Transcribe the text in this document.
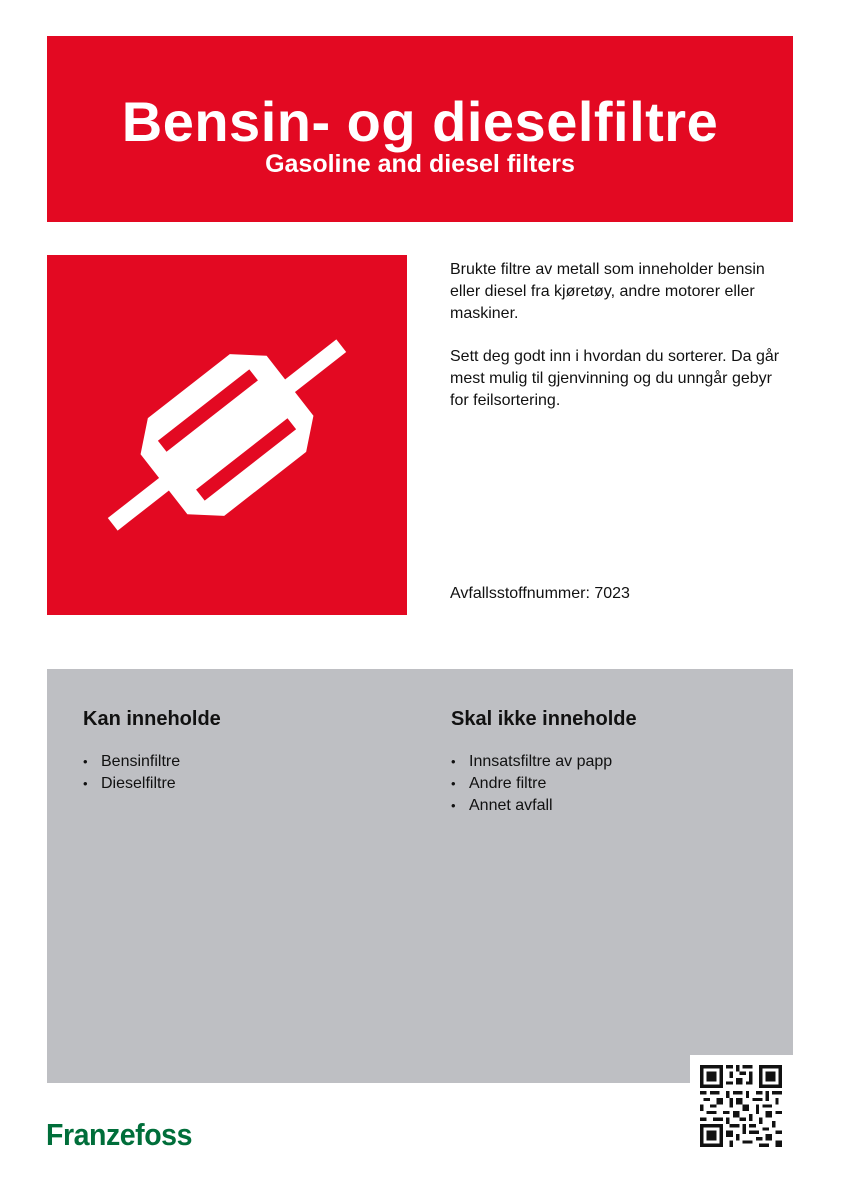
Bensin- og dieselfiltre
Gasoline and diesel filters

Brukte filtre av metall som inneholder bensin eller diesel fra kjøretøy, andre motorer eller maskiner.

Sett deg godt inn i hvordan du sorterer. Da går mest mulig til gjenvinning og du unngår gebyr for feilsortering.

Avfallsstoffnummer: 7023
Kan inneholde
• Bensinfiltre
• Dieselfiltre
Skal ikke inneholde
• Innsatsfiltre av papp
• Andre filtre
• Annet avfall
Franzefoss
